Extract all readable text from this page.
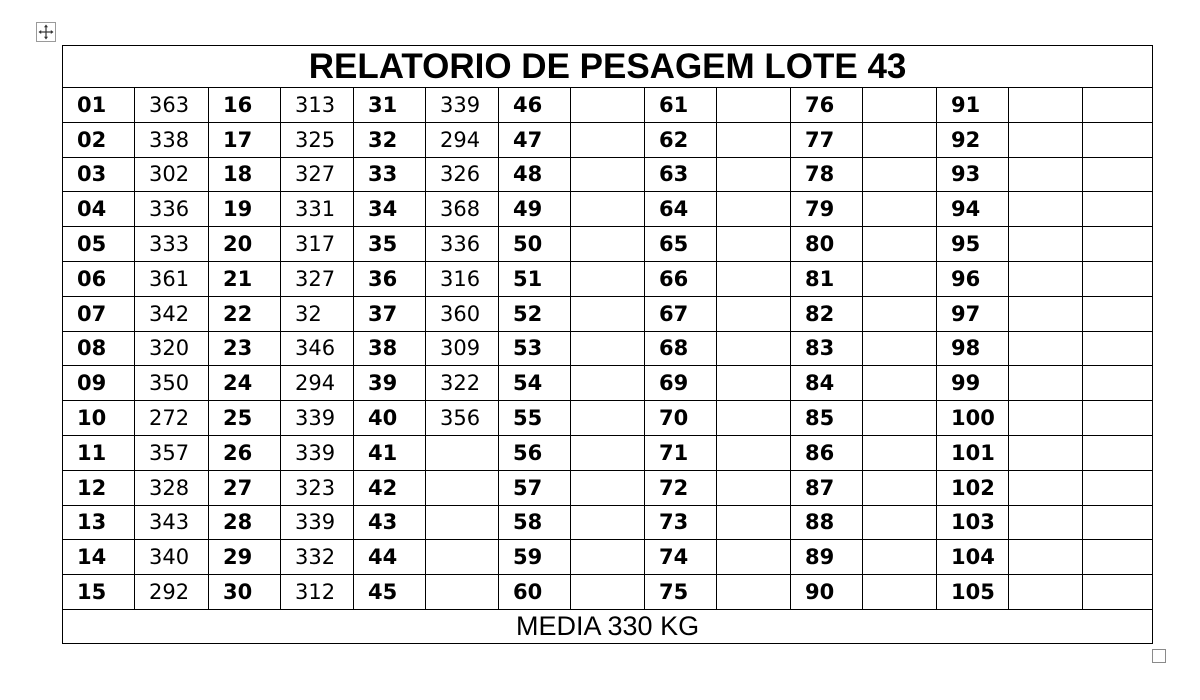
RELATORIO DE PESAGEM LOTE 43														
01	363	16	313	31	339	46		61		76		91		
02	338	17	325	32	294	47		62		77		92		
03	302	18	327	33	326	48		63		78		93		
04	336	19	331	34	368	49		64		79		94		
05	333	20	317	35	336	50		65		80		95		
06	361	21	327	36	316	51		66		81		96		
07	342	22	32	37	360	52		67		82		97		
08	320	23	346	38	309	53		68		83		98		
09	350	24	294	39	322	54		69		84		99		
10	272	25	339	40	356	55		70		85		100		
11	357	26	339	41		56		71		86		101		
12	328	27	323	42		57		72		87		102		
13	343	28	339	43		58		73		88		103		
14	340	29	332	44		59		74		89		104		
15	292	30	312	45		60		75		90		105		
MEDIA 330 KG														
